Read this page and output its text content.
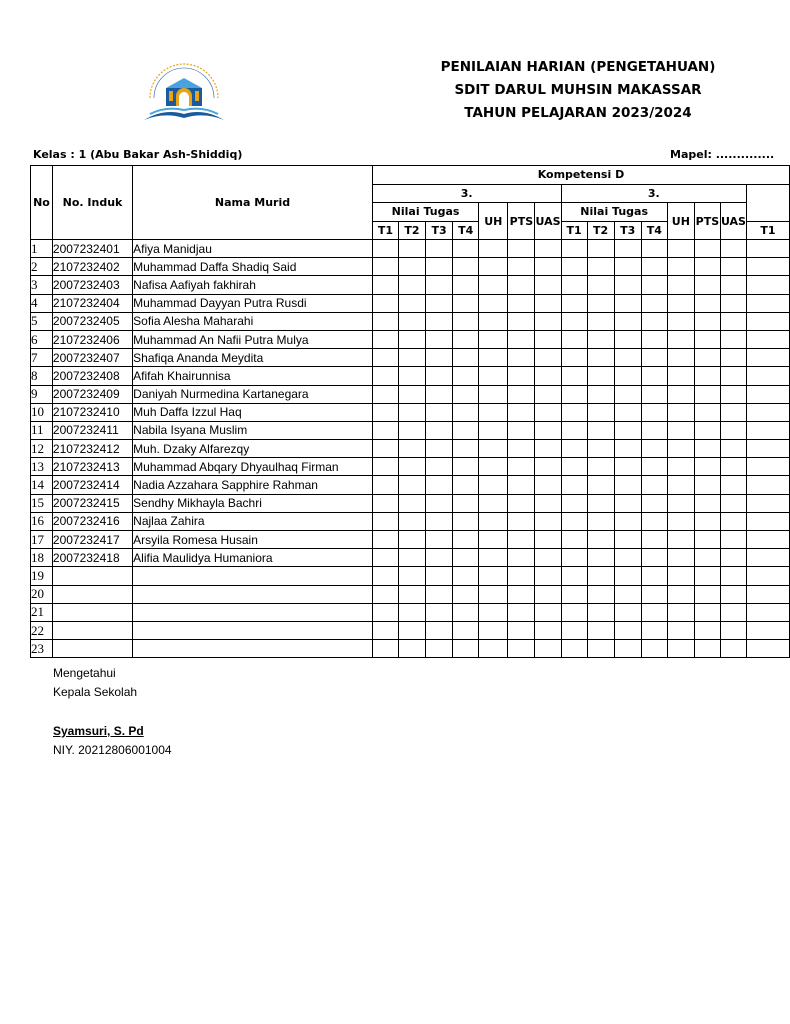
PENILAIAN HARIAN (PENGETAHUAN)
SDIT DARUL MUHSIN MAKASSAR
TAHUN PELAJARAN 2023/2024
Kelas : 1 (Abu Bakar Ash-Shiddiq)	Mapel: ..............
No	No. Induk	Nama Murid	Kompetensi D														
			3.							3.							
			Nilai Tugas				UH	PTS	UAS	Nilai Tugas				UH	PTS	UAS	
			T1	T2	T3	T4				T1	T2	T3	T4				T1
1	2007232401	Afiya Manidjau															
2	2107232402	Muhammad Daffa Shadiq Said															
3	2007232403	Nafisa Aafiyah fakhirah															
4	2107232404	Muhammad Dayyan Putra Rusdi															
5	2007232405	Sofia Alesha Maharahi															
6	2107232406	Muhammad An Nafii Putra Mulya															
7	2007232407	Shafiqa Ananda Meydita															
8	2007232408	Afifah Khairunnisa															
9	2007232409	Daniyah Nurmedina Kartanegara															
10	2107232410	Muh Daffa Izzul Haq															
11	2007232411	Nabila Isyana Muslim															
12	2107232412	Muh. Dzaky Alfarezqy															
13	2107232413	Muhammad Abqary Dhyaulhaq Firman															
14	2007232414	Nadia Azzahara Sapphire Rahman															
15	2007232415	Sendhy Mikhayla Bachri															
16	2007232416	Najlaa Zahira															
17	2007232417	Arsyila Romesa Husain															
18	2007232418	Alifia Maulidya Humaniora															
19																	
20																	
21																	
22																	
23																	
Mengetahui
Kepala Sekolah
Syamsuri, S. Pd
NIY. 20212806001004
